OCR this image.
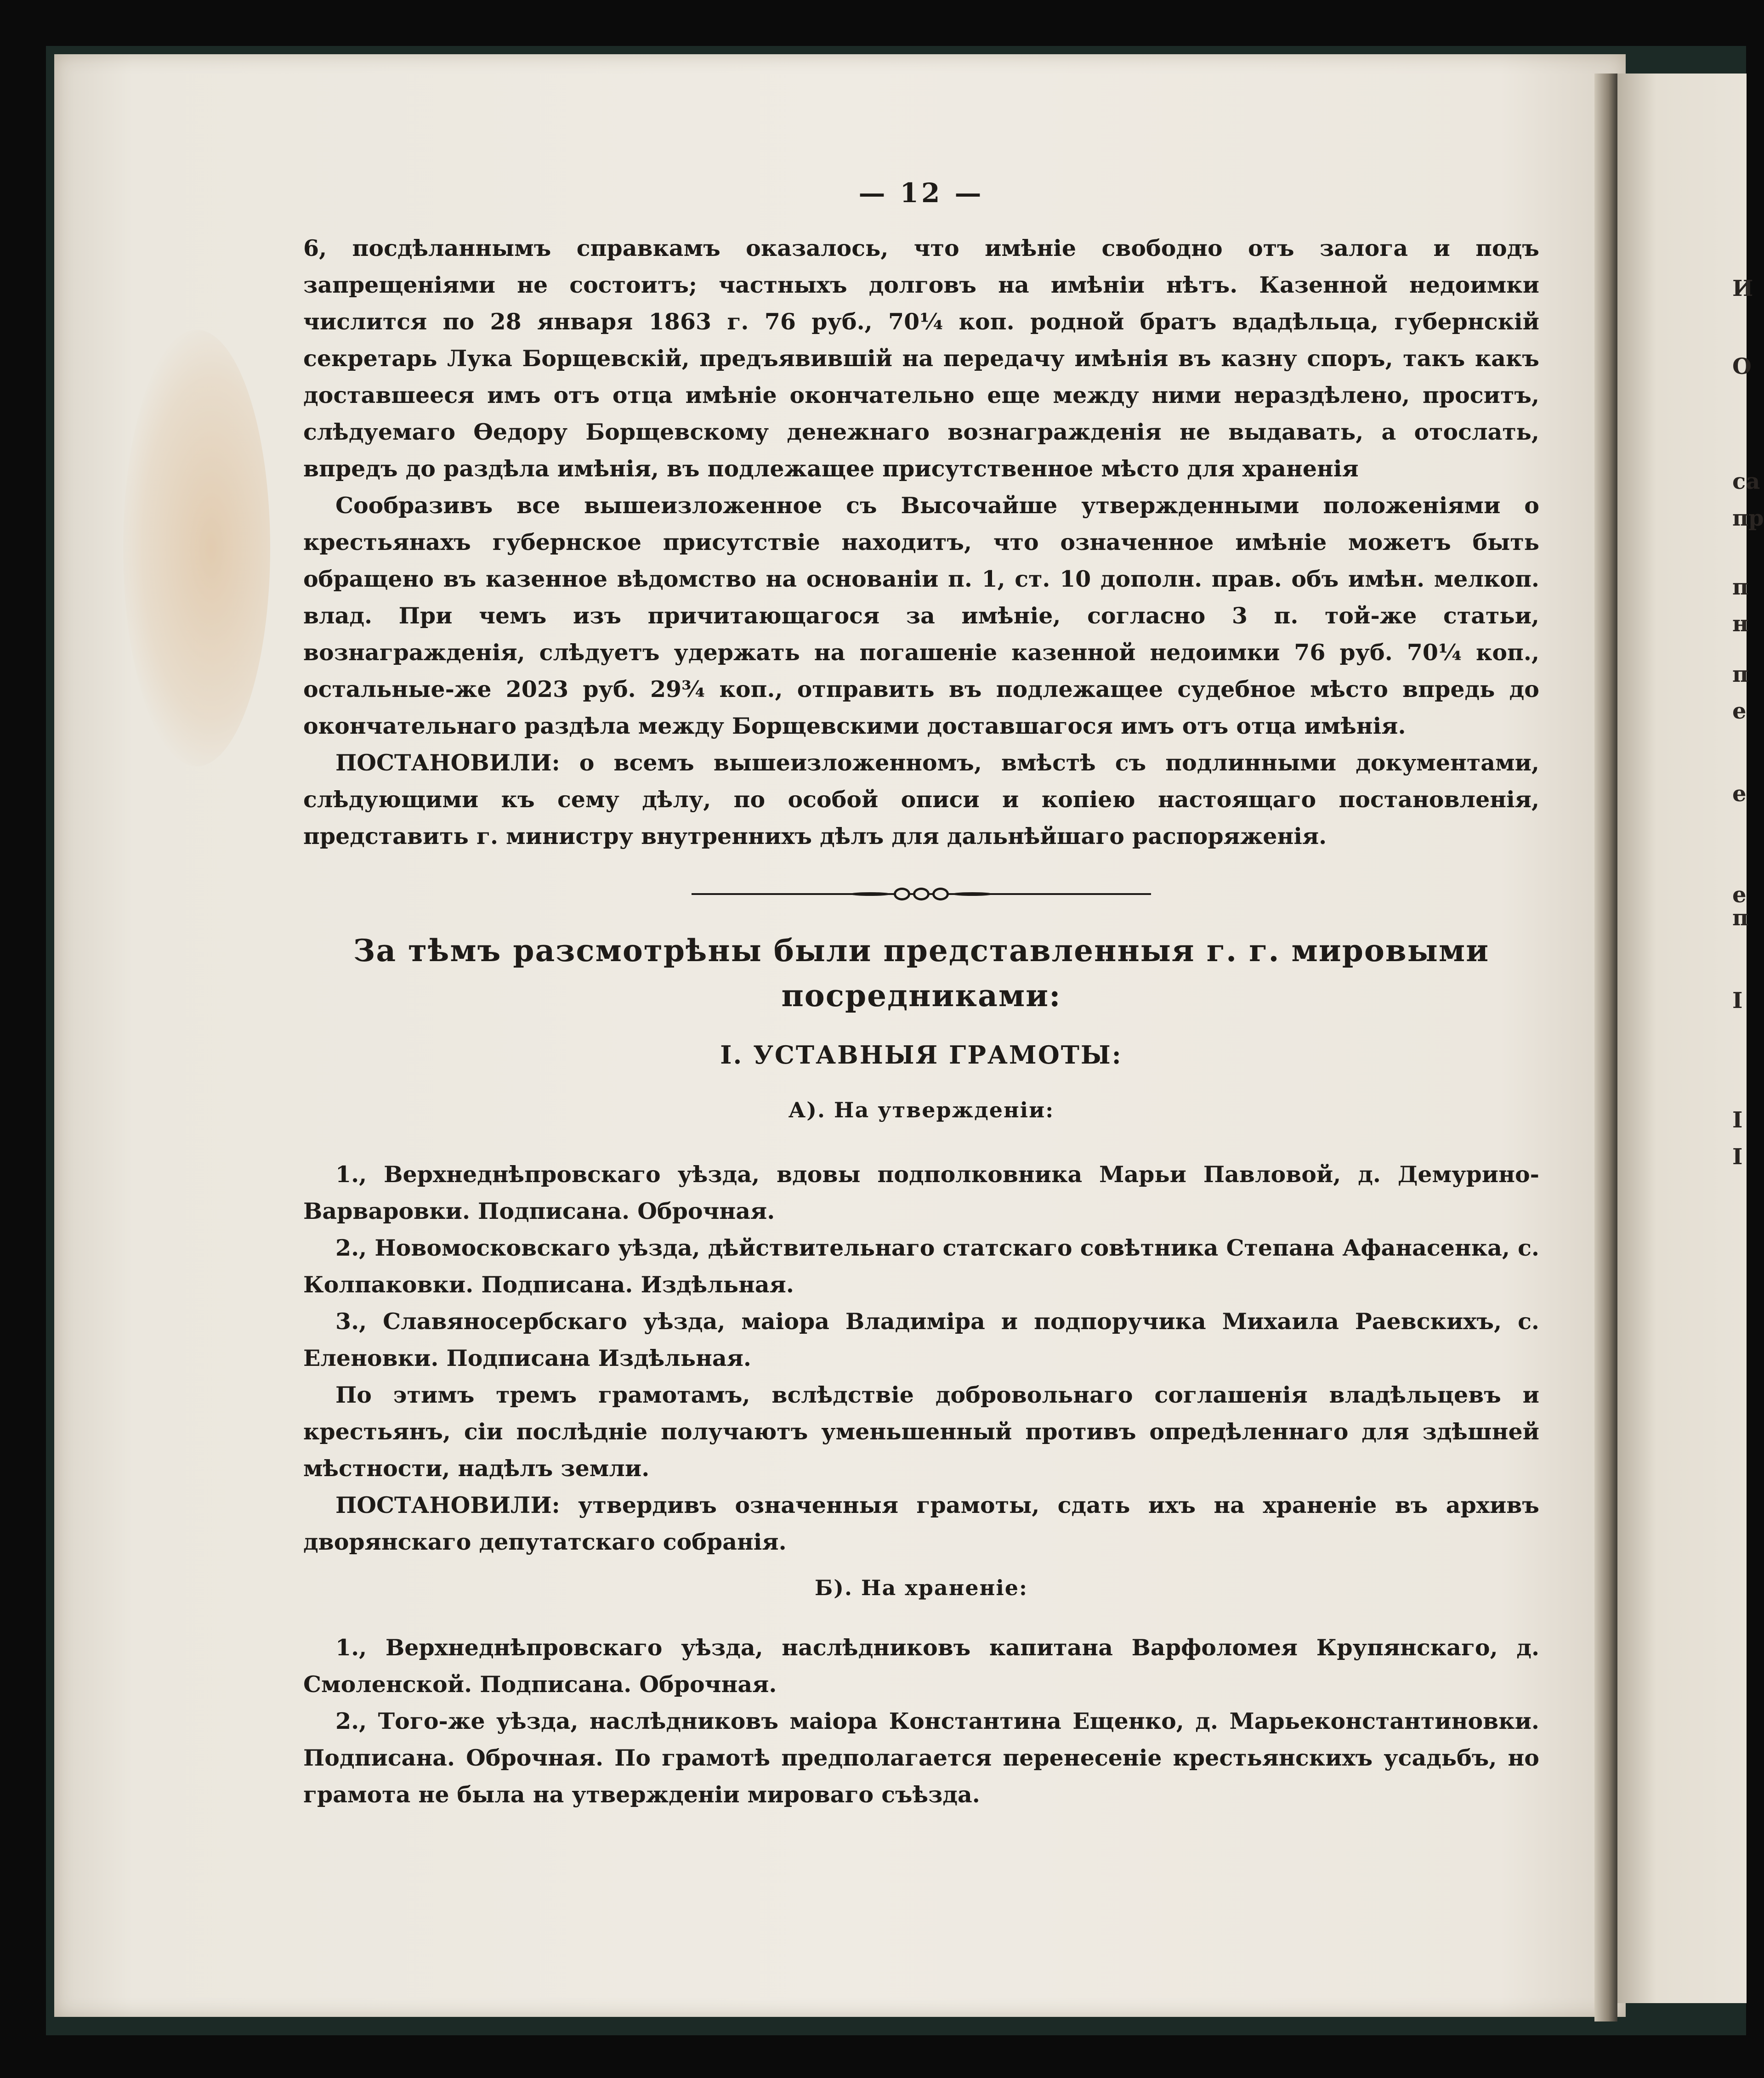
И
О
са
пр
п
н
п
е
е
е
п
І
І
І
— 12 —

6, посдѣланнымъ справкамъ оказалось, что имѣніе свободно отъ залога и подъ запрещеніями не состоитъ; частныхъ долговъ на имѣніи нѣтъ. Казенной недоимки числится по 28 января 1863 г. 76 руб., 70¼ коп. родной братъ вдадѣльца, губернскій секретарь Лука Борщевскій, предъявившій на передачу имѣнія въ казну споръ, такъ какъ доставшееся имъ отъ отца имѣніе окончательно еще между ними нераздѣлено, проситъ, слѣдуемаго Ѳедору Борщевскому денежнаго вознагражденія не выдавать, а отослать, впредъ до раздѣла имѣнія, въ подлежащее присутственное мѣсто для храненія

Сообразивъ все вышеизложенное съ Высочайше утвержденными положеніями о крестьянахъ губернское присутствіе находитъ, что означенное имѣніе можетъ быть обращено въ казенное вѣдомство на основаніи п. 1, ст. 10 дополн. прав. объ имѣн. мелкоп. влад. При чемъ изъ причитающагося за имѣніе, согласно 3 п. той-же статьи, вознагражденія, слѣдуетъ удержать на погашеніе казенной недоимки 76 руб. 70¼ коп., остальные-же 2023 руб. 29¾ коп., отправить въ подлежащее судебное мѣсто впредь до окончательнаго раздѣла между Борщевскими доставшагося имъ отъ отца имѣнія.

ПОСТАНОВИЛИ: о всемъ вышеизложенномъ, вмѣстѣ съ подлинными документами, слѣдующими къ сему дѣлу, по особой описи и копіею настоящаго постановленія, представить г. министру внутреннихъ дѣлъ для дальнѣйшаго распоряженія.

За тѣмъ разсмотрѣны были представленныя г. г. мировыми посредниками:
I. УСТАВНЫЯ ГРАМОТЫ:
А). На утвержденіи:

1., Верхнеднѣпровскаго уѣзда, вдовы подполковника Марьи Павловой, д. Демурино-Варваровки. Подписана. Оброчная.

2., Новомосковскаго уѣзда, дѣйствительнаго статскаго совѣтника Степана Афанасенка, с. Колпаковки. Подписана. Издѣльная.

3., Славяносербскаго уѣзда, маіора Владиміра и подпоручика Михаила Раевскихъ, с. Еленовки. Подписана Издѣльная.

По этимъ тремъ грамотамъ, вслѣдствіе добровольнаго соглашенія владѣльцевъ и крестьянъ, сіи послѣдніе получаютъ уменьшенный противъ опредѣленнаго для здѣшней мѣстности, надѣлъ земли.

ПОСТАНОВИЛИ: утвердивъ означенныя грамоты, сдать ихъ на храненіе въ архивъ дворянскаго депутатскаго собранія.

Б). На храненіе:

1., Верхнеднѣпровскаго уѣзда, наслѣдниковъ капитана Варфоломея Крупянскаго, д. Смоленской. Подписана. Оброчная.

2., Того-же уѣзда, наслѣдниковъ маіора Константина Ещенко, д. Марьеконстантиновки. Подписана. Оброчная. По грамотѣ предполагается перенесеніе крестьянскихъ усадьбъ, но грамота не была на утвержденіи мироваго съѣзда.
